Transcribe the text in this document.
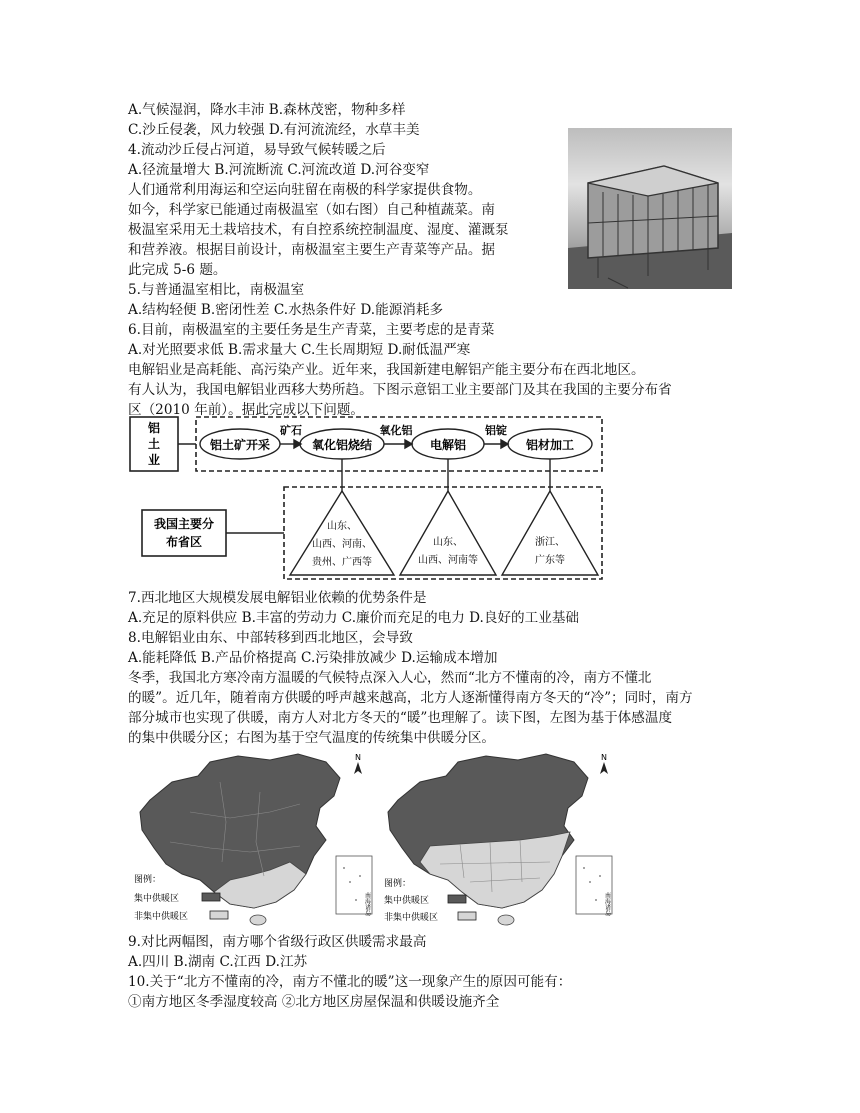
A.气候湿润，降水丰沛 B.森林茂密，物种多样
C.沙丘侵袭，风力较强 D.有河流流经，水草丰美
4.流动沙丘侵占河道，易导致气候转暖之后
A.径流量增大 B.河流断流 C.河流改道 D.河谷变窄
人们通常利用海运和空运向驻留在南极的科学家提供食物。
如今，科学家已能通过南极温室（如右图）自己种植蔬菜。南
极温室采用无土栽培技术，有自控系统控制温度、湿度、灌溉泵
和营养液。根据目前设计，南极温室主要生产青菜等产品。据
此完成 5-6 题。
5.与普通温室相比，南极温室
A.结构轻便 B.密闭性差 C.水热条件好 D.能源消耗多
6.目前，南极温室的主要任务是生产青菜，主要考虑的是青菜
A.对光照要求低 B.需求量大 C.生长周期短 D.耐低温严寒
电解铝业是高耗能、高污染产业。近年来，我国新建电解铝产能主要分布在西北地区。
有人认为，我国电解铝业西移大势所趋。下图示意铝工业主要部门及其在我国的主要分布省
区（2010 年前）。据此完成以下问题。
铝
土
业
铝土矿开采	氧化铝烧结	电解铝	铝材加工
矿石	氧化铝	铝锭
我国主要分
布省区
山东、
山西、河南、
贵州、广西等
山东、
山西、河南等
浙江、
广东等
7.西北地区大规模发展电解铝业依赖的优势条件是
A.充足的原料供应 B.丰富的劳动力 C.廉价而充足的电力 D.良好的工业基础
8.电解铝业由东、中部转移到西北地区，会导致
A.能耗降低 B.产品价格提高 C.污染排放减少 D.运输成本增加
冬季，我国北方寒冷南方温暖的气候特点深入人心，然而“北方不懂南的冷，南方不懂北
的暖”。近几年，随着南方供暖的呼声越来越高，北方人逐渐懂得南方冬天的“冷”；同时，南方
部分城市也实现了供暖，南方人对北方冬天的“暖”也理解了。读下图，左图为基于体感温度
的集中供暖分区；右图为基于空气温度的传统集中供暖分区。
N
南海诸岛
图例：
集中供暖区
非集中供暖区
N
南海诸岛
图例：
集中供暖区
非集中供暖区
9.对比两幅图，南方哪个省级行政区供暖需求最高
A.四川 B.湖南 C.江西 D.江苏
10.关于“北方不懂南的冷，南方不懂北的暖”这一现象产生的原因可能有：
①南方地区冬季湿度较高 ②北方地区房屋保温和供暖设施齐全
